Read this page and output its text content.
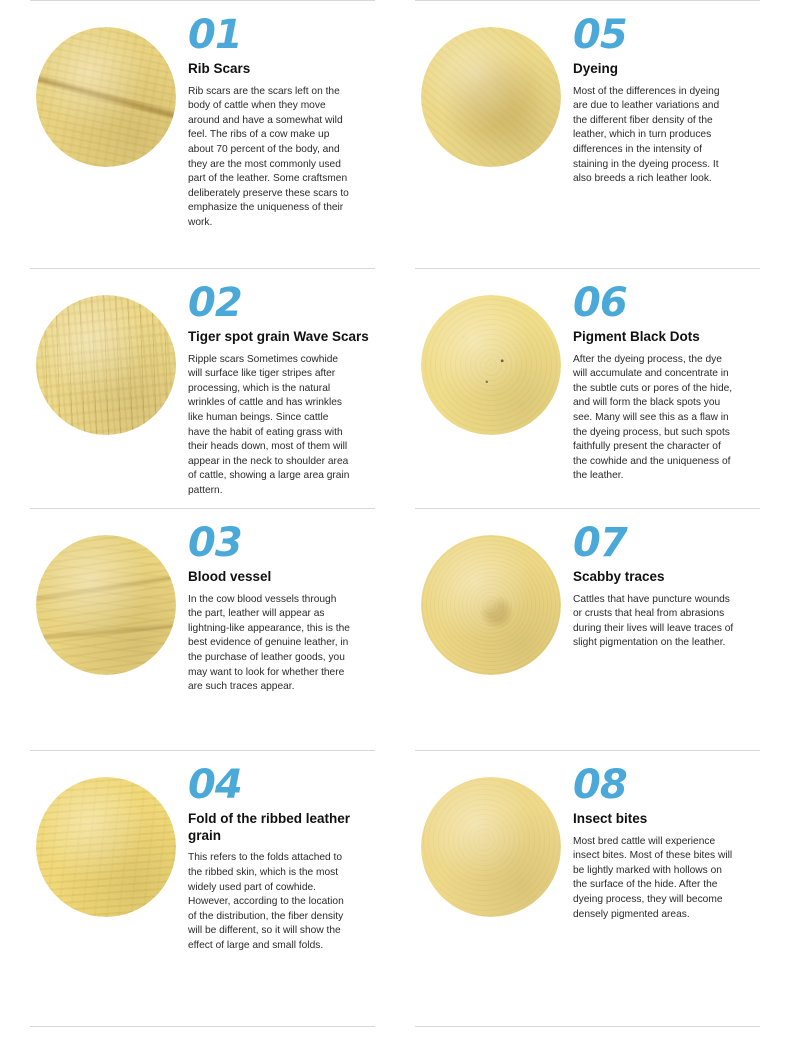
01
Rib Scars
Rib scars are the scars left on the body of cattle when they move around and have a somewhat wild feel. The ribs of a cow make up about 70 percent of the body, and they are the most commonly used part of the leather. Some craftsmen deliberately preserve these scars to emphasize the uniqueness of their work.
05
Dyeing
Most of the differences in dyeing are due to leather variations and the different fiber density of the leather, which in turn produces differences in the intensity of staining in the dyeing process. It also breeds a rich leather look.
02
Tiger spot grain Wave Scars
Ripple scars Sometimes cowhide will surface like tiger stripes after processing, which is the natural wrinkles of cattle and has wrinkles like human beings. Since cattle have the habit of eating grass with their heads down, most of them will appear in the neck to shoulder area of cattle, showing a large area grain pattern.
06
Pigment Black Dots
After the dyeing process, the dye will accumulate and concentrate in the subtle cuts or pores of the hide, and will form the black spots you see. Many will see this as a flaw in the dyeing process, but such spots faithfully present the character of the cowhide and the uniqueness of the leather.
03
Blood vessel
In the cow blood vessels through the part, leather will appear as lightning-like appearance, this is the best evidence of genuine leather, in the purchase of leather goods, you may want to look for whether there are such traces appear.
07
Scabby traces
Cattles that have puncture wounds or crusts that heal from abrasions during their lives will leave traces of slight pigmentation on the leather.
04
Fold of the ribbed leather grain
This refers to the folds attached to the ribbed skin, which is the most widely used part of cowhide. However, according to the location of the distribution, the fiber density will be different, so it will show the effect of large and small folds.
08
Insect bites
Most bred cattle will experience insect bites. Most of these bites will be lightly marked with hollows on the surface of the hide. After the dyeing process, they will become densely pigmented areas.
